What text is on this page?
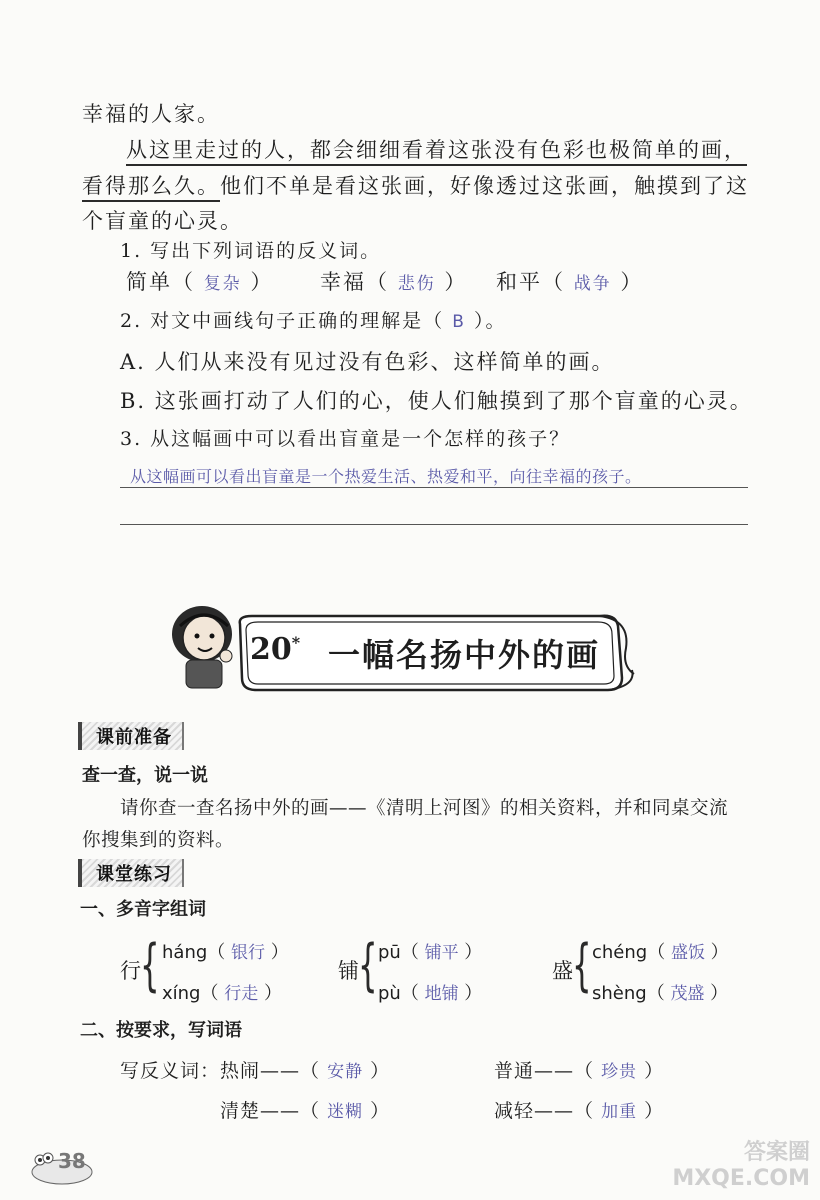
幸福的人家。
从这里走过的人，都会细细看着这张没有色彩也极简单的画，
看得那么久。他们不单是看这张画，好像透过这张画，触摸到了这
个盲童的心灵。
1. 写出下列词语的反义词。
简单（ 复杂 ） 幸福（ 悲伤 ） 和平（ 战争 ）
2. 对文中画线句子正确的理解是（ B ）。
A. 人们从来没有见过没有色彩、这样简单的画。
B. 这张画打动了人们的心，使人们触摸到了那个盲童的心灵。
3. 从这幅画中可以看出盲童是一个怎样的孩子？
从这幅画可以看出盲童是一个热爱生活、热爱和平，向往幸福的孩子。
20* 一幅名扬中外的画
课前准备
查一查，说一说
请你查一查名扬中外的画——《清明上河图》的相关资料，并和同桌交流
你搜集到的资料。
课堂练习
一、多音字组词
行
{ háng（ 银行 ）
xíng（ 行走 ）
铺
{ pū（ 铺平 ）
pù（ 地铺 ）
盛
{ chéng（ 盛饭 ）
shèng（ 茂盛 ）
二、按要求，写词语
写反义词：热闹——（ 安静 ）	普通——（ 珍贵 ）
清楚——（ 迷糊 ）	减轻——（ 加重 ）
38	答案圈 MXQE.COM
